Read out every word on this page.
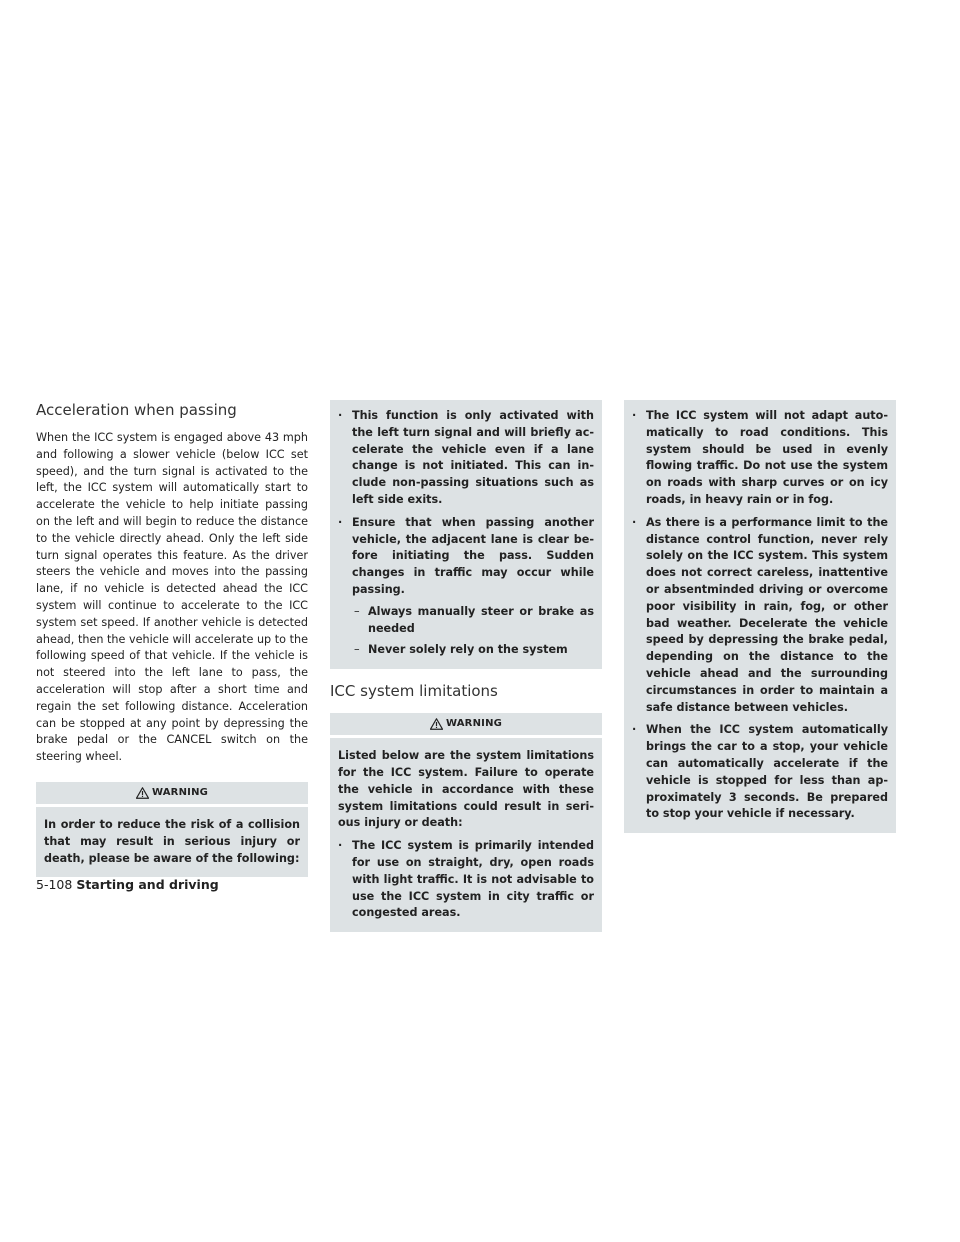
Acceleration when passing

When the ICC system is engaged above 43 mph and following a slower vehicle (below ICC set speed), and the turn signal is activated to the left, the ICC system will automatically start to accelerate the vehicle to help initiate passing on the left and will begin to reduce the distance to the vehicle directly ahead. Only the left side turn signal operates this feature. As the driver steers the vehicle and moves into the passing lane, if no vehicle is detected ahead the ICC system will continue to accelerate to the ICC system set speed. If another vehicle is detected ahead, then the vehicle will accelerate up to the following speed of that vehicle. If the vehicle is not steered into the left lane to pass, the acceleration will stop after a short time and regain the set following distance. Acceleration can be stopped at any point by depressing the brake pedal or the CANCEL switch on the steering wheel.

WARNING

In order to reduce the risk of a collision that may result in serious injury or death, please be aware of the following:

· This function is only activated with the left turn signal and will briefly accelerate the vehicle even if a lane change is not initiated. This can include non-passing situations such as left side exits.
· Ensure that when passing another vehicle, the adjacent lane is clear before initiating the pass. Sudden changes in traffic may occur while passing.
– Always manually steer or brake as needed
– Never solely rely on the system
ICC system limitations
WARNING

Listed below are the system limitations for the ICC system. Failure to operate the vehicle in accordance with these system limitations could result in serious injury or death:

· The ICC system is primarily intended for use on straight, dry, open roads with light traffic. It is not advisable to use the ICC system in city traffic or congested areas.
· The ICC system will not adapt automatically to road conditions. This system should be used in evenly flowing traffic. Do not use the system on roads with sharp curves or on icy roads, in heavy rain or in fog.
· As there is a performance limit to the distance control function, never rely solely on the ICC system. This system does not correct careless, inattentive or absentminded driving or overcome poor visibility in rain, fog, or other bad weather. Decelerate the vehicle speed by depressing the brake pedal, depending on the distance to the vehicle ahead and the surrounding circumstances in order to maintain a safe distance between vehicles.
· When the ICC system automatically brings the car to a stop, your vehicle can automatically accelerate if the vehicle is stopped for less than approximately 3 seconds. Be prepared to stop your vehicle if necessary.
5-108 Starting and driving
